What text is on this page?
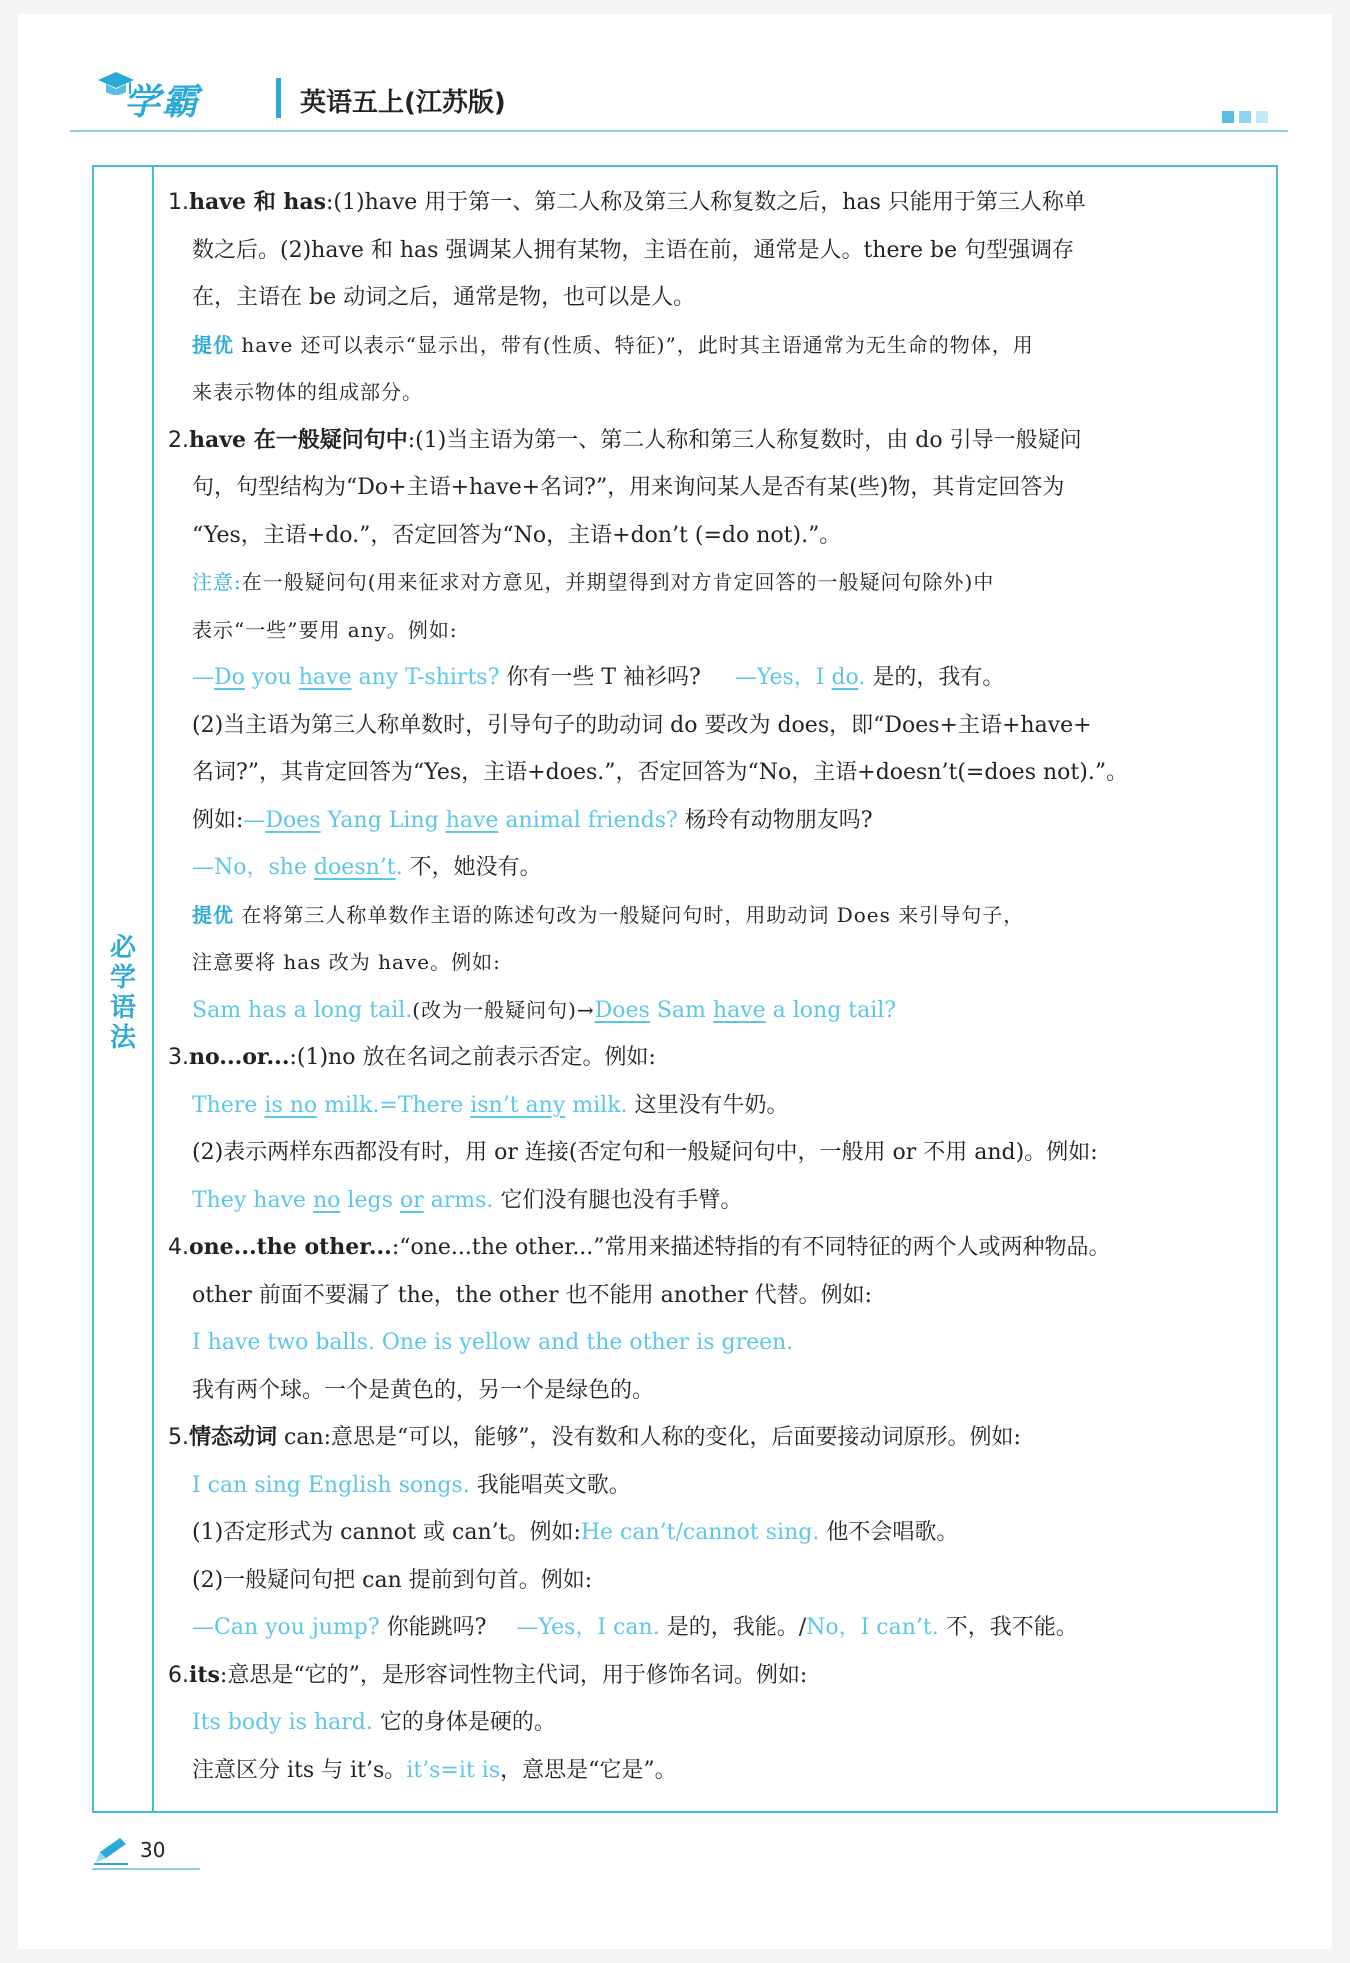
学霸	英语五上(江苏版)
必学语法
1.have 和 has:(1)have 用于第一、第二人称及第三人称复数之后，has 只能用于第三人称单
数之后。(2)have 和 has 强调某人拥有某物，主语在前，通常是人。there be 句型强调存
在，主语在 be 动词之后，通常是物，也可以是人。
提优 have 还可以表示“显示出，带有(性质、特征)”，此时其主语通常为无生命的物体，用
来表示物体的组成部分。
2.have 在一般疑问句中:(1)当主语为第一、第二人称和第三人称复数时，由 do 引导一般疑问
句，句型结构为“Do+主语+have+名词?”，用来询问某人是否有某(些)物，其肯定回答为
“Yes，主语+do.”，否定回答为“No，主语+don’t (=do not).”。
注意:在一般疑问句(用来征求对方意见，并期望得到对方肯定回答的一般疑问句除外)中
表示“一些”要用 any。例如:
—Do you have any T-shirts? 你有一些 T 袖衫吗? —Yes，I do. 是的，我有。
(2)当主语为第三人称单数时，引导句子的助动词 do 要改为 does，即“Does+主语+have+
名词?”，其肯定回答为“Yes，主语+does.”，否定回答为“No，主语+doesn’t(=does not).”。
例如:—Does Yang Ling have animal friends? 杨玲有动物朋友吗?
—No，she doesn’t. 不，她没有。
提优 在将第三人称单数作主语的陈述句改为一般疑问句时，用助动词 Does 来引导句子，
注意要将 has 改为 have。例如:
Sam has a long tail.(改为一般疑问句)→Does Sam have a long tail?
3.no...or...:(1)no 放在名词之前表示否定。例如:
There is no milk.=There isn’t any milk. 这里没有牛奶。
(2)表示两样东西都没有时，用 or 连接(否定句和一般疑问句中，一般用 or 不用 and)。例如:
They have no legs or arms. 它们没有腿也没有手臂。
4.one...the other...:“one...the other...”常用来描述特指的有不同特征的两个人或两种物品。
other 前面不要漏了 the，the other 也不能用 another 代替。例如:
I have two balls. One is yellow and the other is green.
我有两个球。一个是黄色的，另一个是绿色的。
5.情态动词 can:意思是“可以，能够”，没有数和人称的变化，后面要接动词原形。例如:
I can sing English songs. 我能唱英文歌。
(1)否定形式为 cannot 或 can’t。例如:He can’t/cannot sing. 他不会唱歌。
(2)一般疑问句把 can 提前到句首。例如:
—Can you jump? 你能跳吗? —Yes，I can. 是的，我能。/No，I can’t. 不，我不能。
6.its:意思是“它的”，是形容词性物主代词，用于修饰名词。例如:
Its body is hard. 它的身体是硬的。
注意区分 its 与 it’s。it’s=it is，意思是“它是”。
30
